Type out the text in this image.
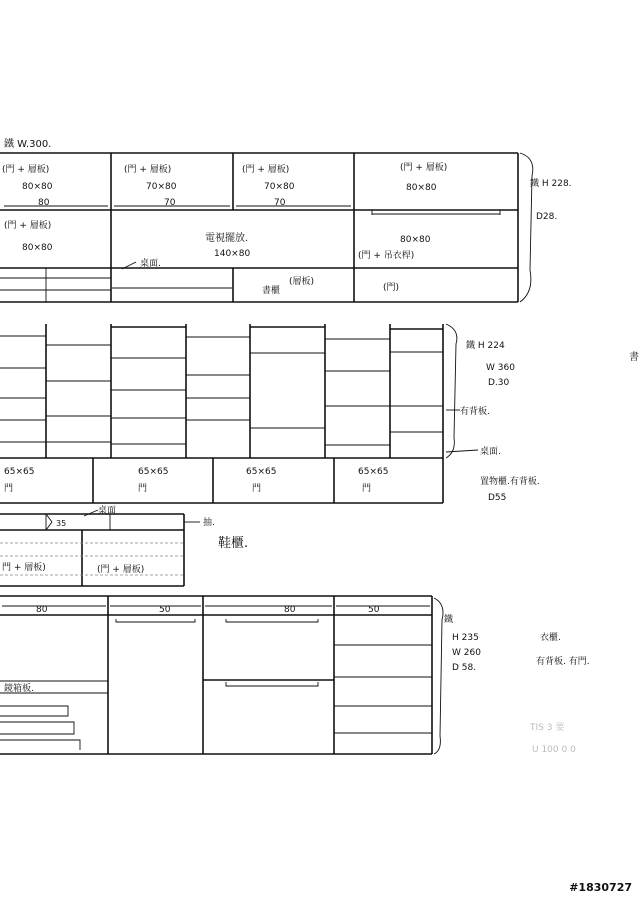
鐵 W.300.
(門 + 層板)
80×80
80
(門 + 層板)
70×80
70
(門 + 層板)
70×80
70
(門 + 層板)
80×80
(門 + 層板)
80×80
電視擺放.
140×80
80×80
(門 + 吊衣桿)
桌面.
(層板)
書櫃	(門)
鐵 H 228.
D28.
65×65
門
65×65
門
65×65
門
65×65
門
鐵 H 224
W 360
D.30
有背板.
桌面.
置物櫃.有背板.
D55
書
35
桌面
抽.
門 + 層板)	(門 + 層板)
鞋櫃.
80	50	80	50
鏡箱板.
鐵
H 235
W 260
D 58.
衣櫃.
有背板. 有門.
TIS 3 要
U 100 0 0
#1830727
